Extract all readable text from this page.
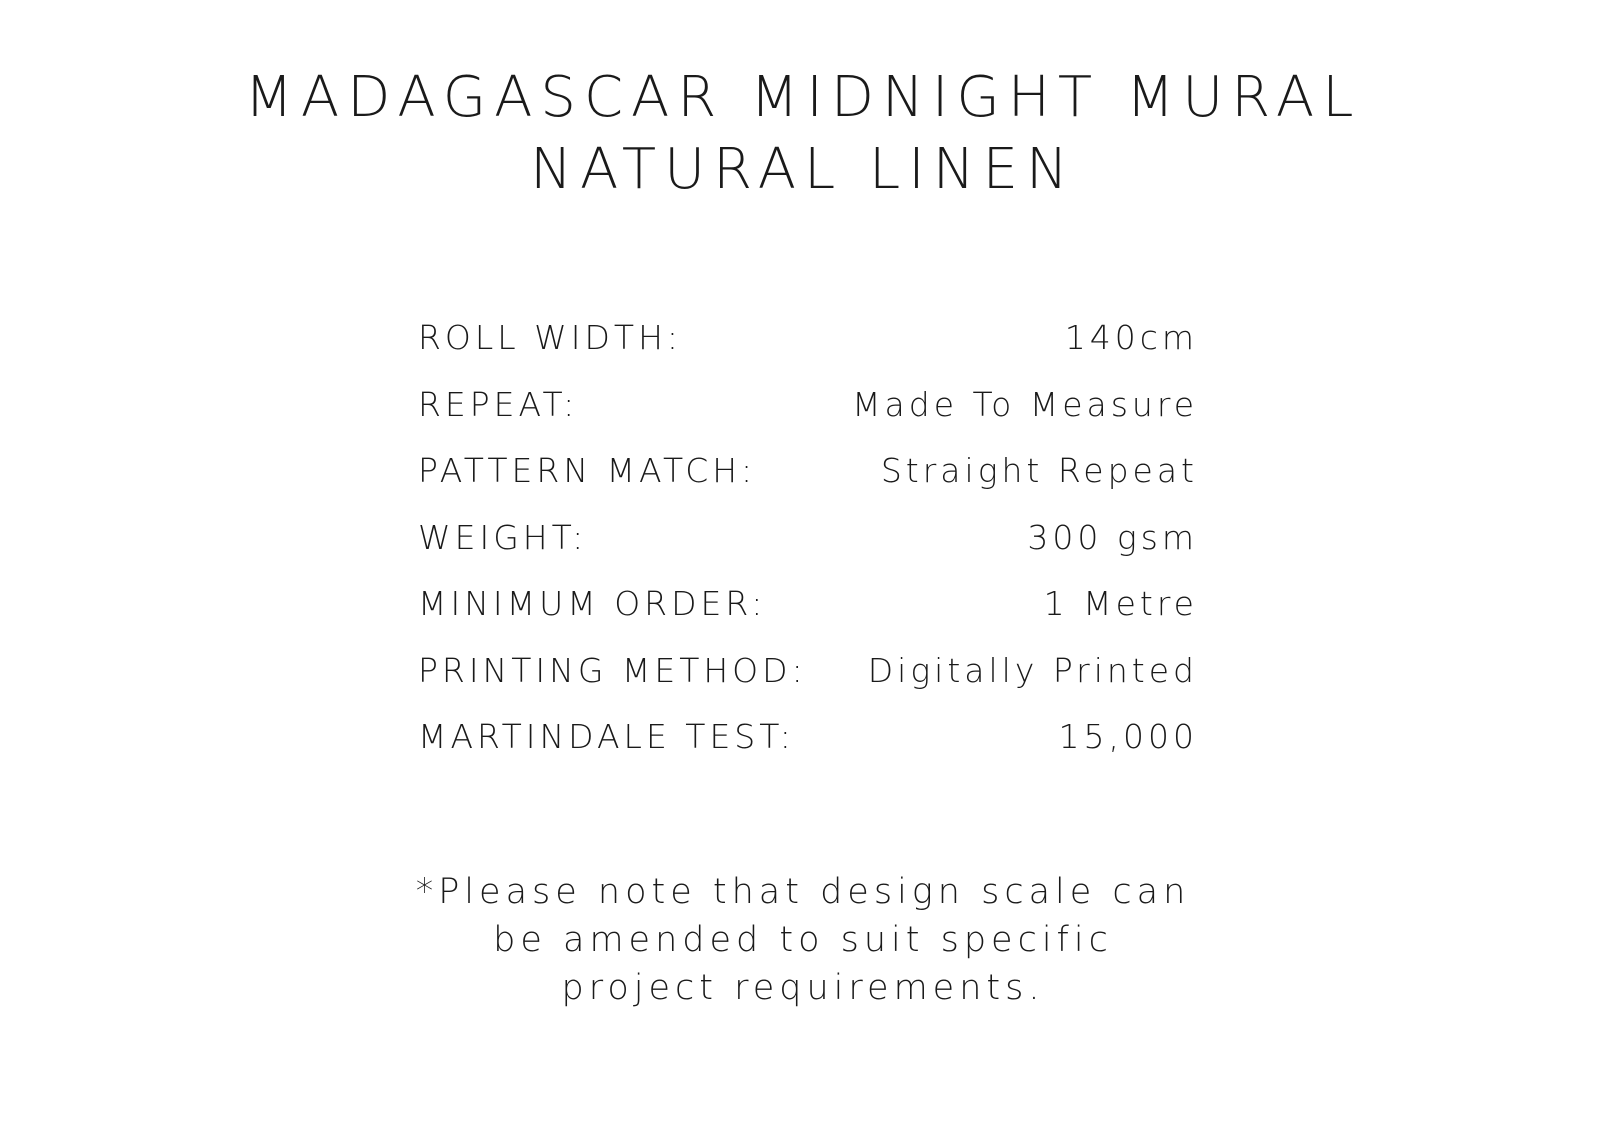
MADAGASCAR MIDNIGHT MURAL
NATURAL LINEN
ROLL WIDTH:	140cm
REPEAT:	Made To Measure
PATTERN MATCH:	Straight Repeat
WEIGHT:	300 gsm
MINIMUM ORDER:	1 Metre
PRINTING METHOD: Digitally Printed
MARTINDALE TEST:	15,000
*Please note that design scale can
be amended to suit specific
project requirements.
